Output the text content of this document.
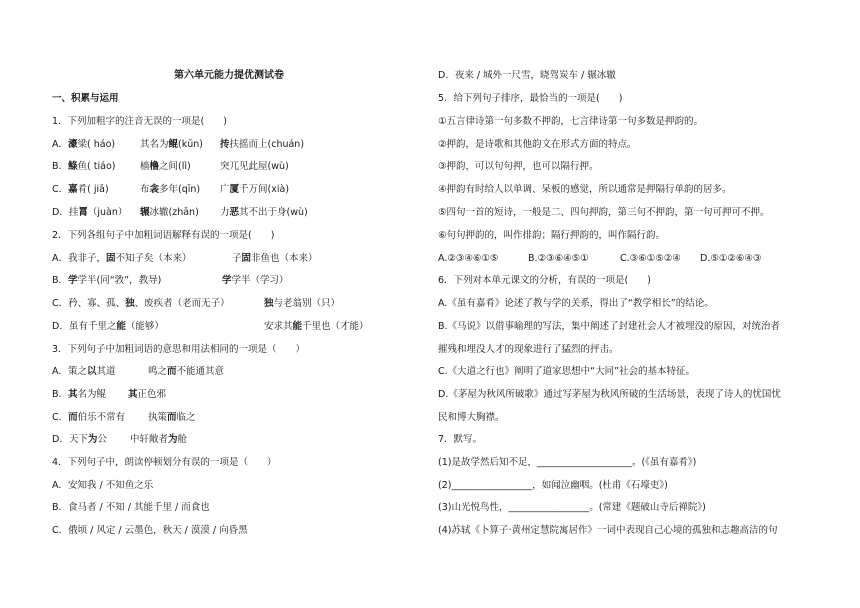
第六单元能力提优测试卷
一、积累与运用
1．下列加粗字的注音无误的一项是(　　)
A．濠梁( háo)	其名为鲲(kūn) 抟扶摇而上(chuán)
B．鲦鱼( tiáo)	樯橹之间(lì)	突兀见此屋(wù)
C．嘉肴( jiā)	布衾多年(qīn) 广厦千万间(xià)
D．挂罥（juàn） 辗冰辙(zhān) 力恶其不出于身(wù)
2．下列各组句子中加粗词语解释有误的一项是(　　)
A．我非子，固不知子矣（本来）	子固非鱼也（本来）
B．学学半(同“敩”，教导)	学学半（学习）
C．矜、寡、孤、独、废疾者（老而无子）	独与老翁别（只）
D．虽有千里之能（能够）	安求其能千里也（才能）
3．下列句子中加粗词语的意思和用法相同的一项是（　　）
A．策之以其道	鸣之而不能通其意
B．其名为鲲 其正色邪
C．而伯乐不常有 执策而临之
D．天下为公 中轩敞者为舱
4．下列句子中，朗读停顿划分有误的一项是（　　）
A．安知我 / 不知鱼之乐
B．食马者 / 不知 / 其能千里 / 而食也
C．俄顷 / 风定 / 云墨色，秋天 / 漠漠 / 向昏黑
D．夜来 / 城外一尺雪，晓驾炭车 / 辗冰辙
5．给下列句子排序，最恰当的一项是(　　)
①五言律诗第一句多数不押韵，七言律诗第一句多数是押韵的。
②押韵，是诗歌和其他韵文在形式方面的特点。
③押韵，可以句句押，也可以隔行押。
④押韵有时给人以单调、呆板的感觉，所以通常是押隔行单韵的居多。
⑤四句一首的短诗，一般是二、四句押韵，第三句不押韵，第一句可押可不押。
⑥句句押韵的，叫作排韵；隔行押韵的，叫作隔行韵。
A.②③④⑥①⑤	B.②③⑥④⑤①	C.③⑥①⑤②④ D.⑤①②⑥④③
6．下列对本单元课文的分析，有误的一项是(　　)
A.《虽有嘉肴》论述了教与学的关系，得出了“教学相长”的结论。
B.《马说》以借事喻理的写法，集中阐述了封建社会人才被埋没的原因，对统治者
摧残和埋没人才的现象进行了猛烈的抨击。
C.《大道之行也》阐明了道家思想中“大同”社会的基本特征。
D.《茅屋为秋风所破歌》通过写茅屋为秋风所破的生活场景，表现了诗人的忧国忧
民和博大胸襟。
7．默写。
(1)是故学然后知不足，____________________。(《虽有嘉肴》)
(2)_________________，如闻泣幽咽。(杜甫《石壕吏》)
(3)山光悦鸟性，_________________。(常建《题破山寺后禅院》)
(4)苏轼《卜算子·黄州定慧院寓居作》一词中表现自己心境的孤独和志趣高洁的句
